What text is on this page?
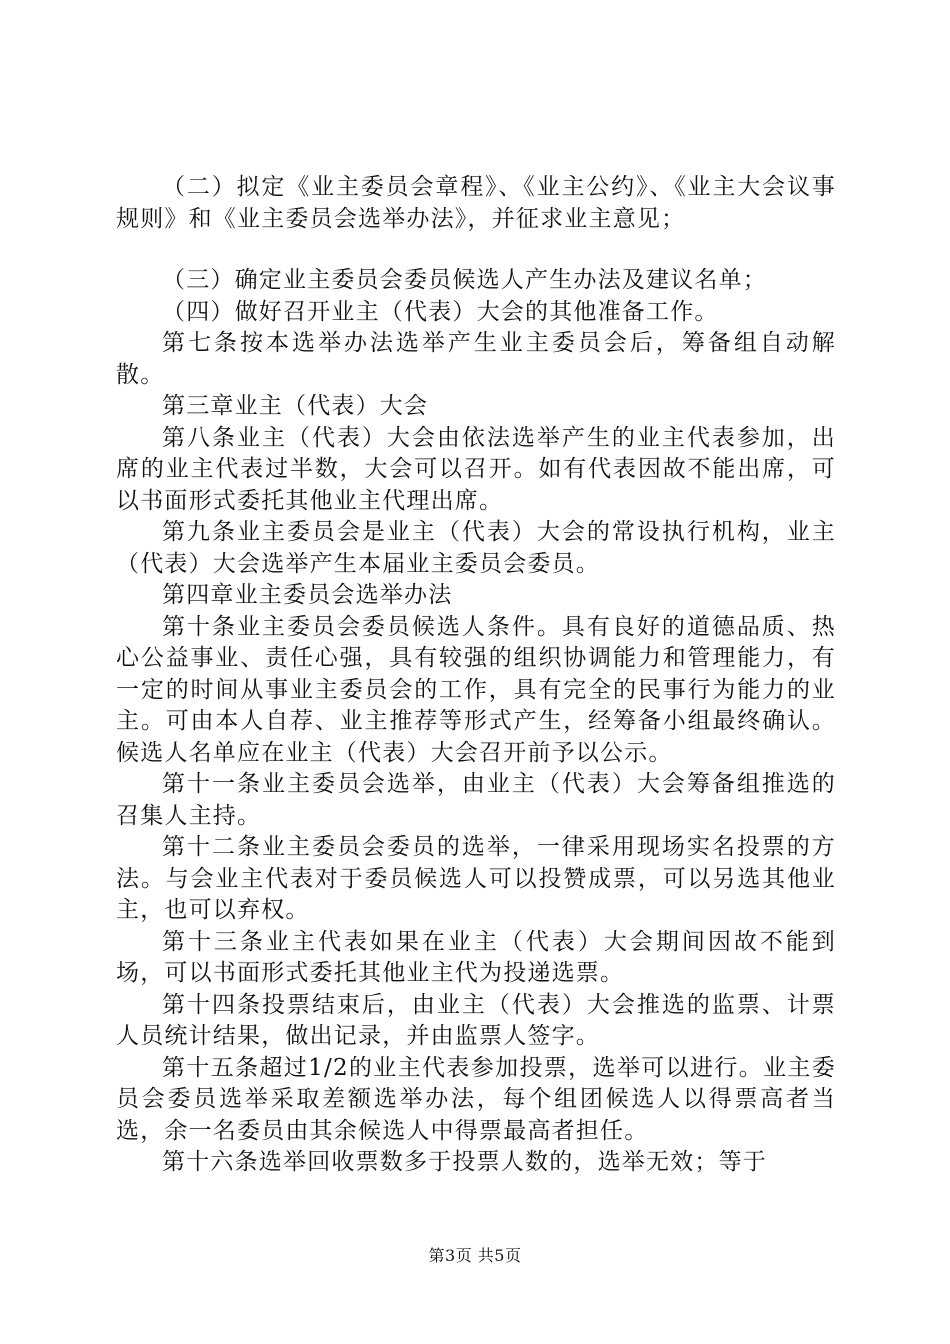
（二）拟定《业主委员会章程》、《业主公约》、《业主大会议事规则》和《业主委员会选举办法》，并征求业主意见；

（三）确定业主委员会委员候选人产生办法及建议名单；

（四）做好召开业主（代表）大会的其他准备工作。

第七条按本选举办法选举产生业主委员会后，筹备组自动解散。

第三章业主（代表）大会

第八条业主（代表）大会由依法选举产生的业主代表参加，出席的业主代表过半数，大会可以召开。如有代表因故不能出席，可以书面形式委托其他业主代理出席。

第九条业主委员会是业主（代表）大会的常设执行机构，业主（代表）大会选举产生本届业主委员会委员。

第四章业主委员会选举办法

第十条业主委员会委员候选人条件。具有良好的道德品质、热心公益事业、责任心强，具有较强的组织协调能力和管理能力，有一定的时间从事业主委员会的工作，具有完全的民事行为能力的业主。可由本人自荐、业主推荐等形式产生，经筹备小组最终确认。候选人名单应在业主（代表）大会召开前予以公示。

第十一条业主委员会选举，由业主（代表）大会筹备组推选的召集人主持。

第十二条业主委员会委员的选举，一律采用现场实名投票的方法。与会业主代表对于委员候选人可以投赞成票，可以另选其他业主，也可以弃权。

第十三条业主代表如果在业主（代表）大会期间因故不能到场，可以书面形式委托其他业主代为投递选票。

第十四条投票结束后，由业主（代表）大会推选的监票、计票人员统计结果，做出记录，并由监票人签字。

第十五条超过1/2的业主代表参加投票，选举可以进行。业主委员会委员选举采取差额选举办法，每个组团候选人以得票高者当选，余一名委员由其余候选人中得票最高者担任。

第十六条选举回收票数多于投票人数的，选举无效；等于

第3页 共5页
